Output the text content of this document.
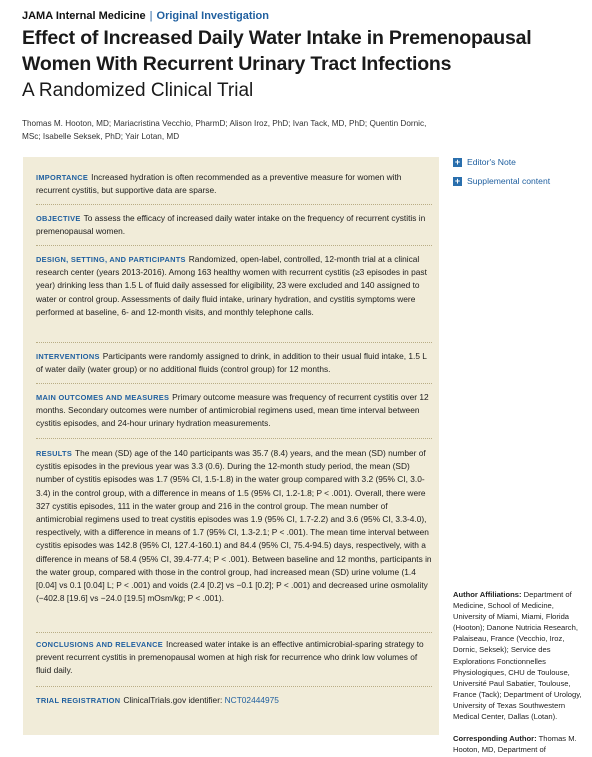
JAMA Internal Medicine | Original Investigation
Effect of Increased Daily Water Intake in Premenopausal Women With Recurrent Urinary Tract Infections
A Randomized Clinical Trial
Thomas M. Hooton, MD; Mariacristina Vecchio, PharmD; Alison Iroz, PhD; Ivan Tack, MD, PhD; Quentin Dornic, MSc; Isabelle Seksek, PhD; Yair Lotan, MD

IMPORTANCE Increased hydration is often recommended as a preventive measure for women with recurrent cystitis, but supportive data are sparse.

OBJECTIVE To assess the efficacy of increased daily water intake on the frequency of recurrent cystitis in premenopausal women.

DESIGN, SETTING, AND PARTICIPANTS Randomized, open-label, controlled, 12-month trial at a clinical research center (years 2013-2016). Among 163 healthy women with recurrent cystitis (≥3 episodes in past year) drinking less than 1.5 L of fluid daily assessed for eligibility, 23 were excluded and 140 assigned to water or control group. Assessments of daily fluid intake, urinary hydration, and cystitis symptoms were performed at baseline, 6- and 12-month visits, and monthly telephone calls.

INTERVENTIONS Participants were randomly assigned to drink, in addition to their usual fluid intake, 1.5 L of water daily (water group) or no additional fluids (control group) for 12 months.

MAIN OUTCOMES AND MEASURES Primary outcome measure was frequency of recurrent cystitis over 12 months. Secondary outcomes were number of antimicrobial regimens used, mean time interval between cystitis episodes, and 24-hour urinary hydration measurements.

RESULTS The mean (SD) age of the 140 participants was 35.7 (8.4) years, and the mean (SD) number of cystitis episodes in the previous year was 3.3 (0.6). During the 12-month study period, the mean (SD) number of cystitis episodes was 1.7 (95% CI, 1.5-1.8) in the water group compared with 3.2 (95% CI, 3.0-3.4) in the control group, with a difference in means of 1.5 (95% CI, 1.2-1.8; P < .001). Overall, there were 327 cystitis episodes, 111 in the water group and 216 in the control group. The mean number of antimicrobial regimens used to treat cystitis episodes was 1.9 (95% CI, 1.7-2.2) and 3.6 (95% CI, 3.3-4.0), respectively, with a difference in means of 1.7 (95% CI, 1.3-2.1; P < .001). The mean time interval between cystitis episodes was 142.8 (95% CI, 127.4-160.1) and 84.4 (95% CI, 75.4-94.5) days, respectively, with a difference in means of 58.4 (95% CI, 39.4-77.4; P < .001). Between baseline and 12 months, participants in the water group, compared with those in the control group, had increased mean (SD) urine volume (1.4 [0.04] vs 0.1 [0.04] L; P < .001) and voids (2.4 [0.2] vs −0.1 [0.2]; P < .001) and decreased urine osmolality (−402.8 [19.6] vs −24.0 [19.5] mOsm/kg; P < .001).

CONCLUSIONS AND RELEVANCE Increased water intake is an effective antimicrobial-sparing strategy to prevent recurrent cystitis in premenopausal women at high risk for recurrence who drink low volumes of fluid daily.

TRIAL REGISTRATION ClinicalTrials.gov identifier: NCT02444975

+ Editor's Note
+ Supplemental content
Author Affiliations: Department of Medicine, School of Medicine, University of Miami, Miami, Florida (Hooton); Danone Nutricia Research, Palaiseau, France (Vecchio, Iroz, Dornic, Seksek); Service des Explorations Fonctionnelles Physiologiques, CHU de Toulouse, Université Paul Sabatier, Toulouse, France (Tack); Department of Urology, University of Texas Southwestern Medical Center, Dallas (Lotan).
Corresponding Author: Thomas M. Hooton, MD, Department of
